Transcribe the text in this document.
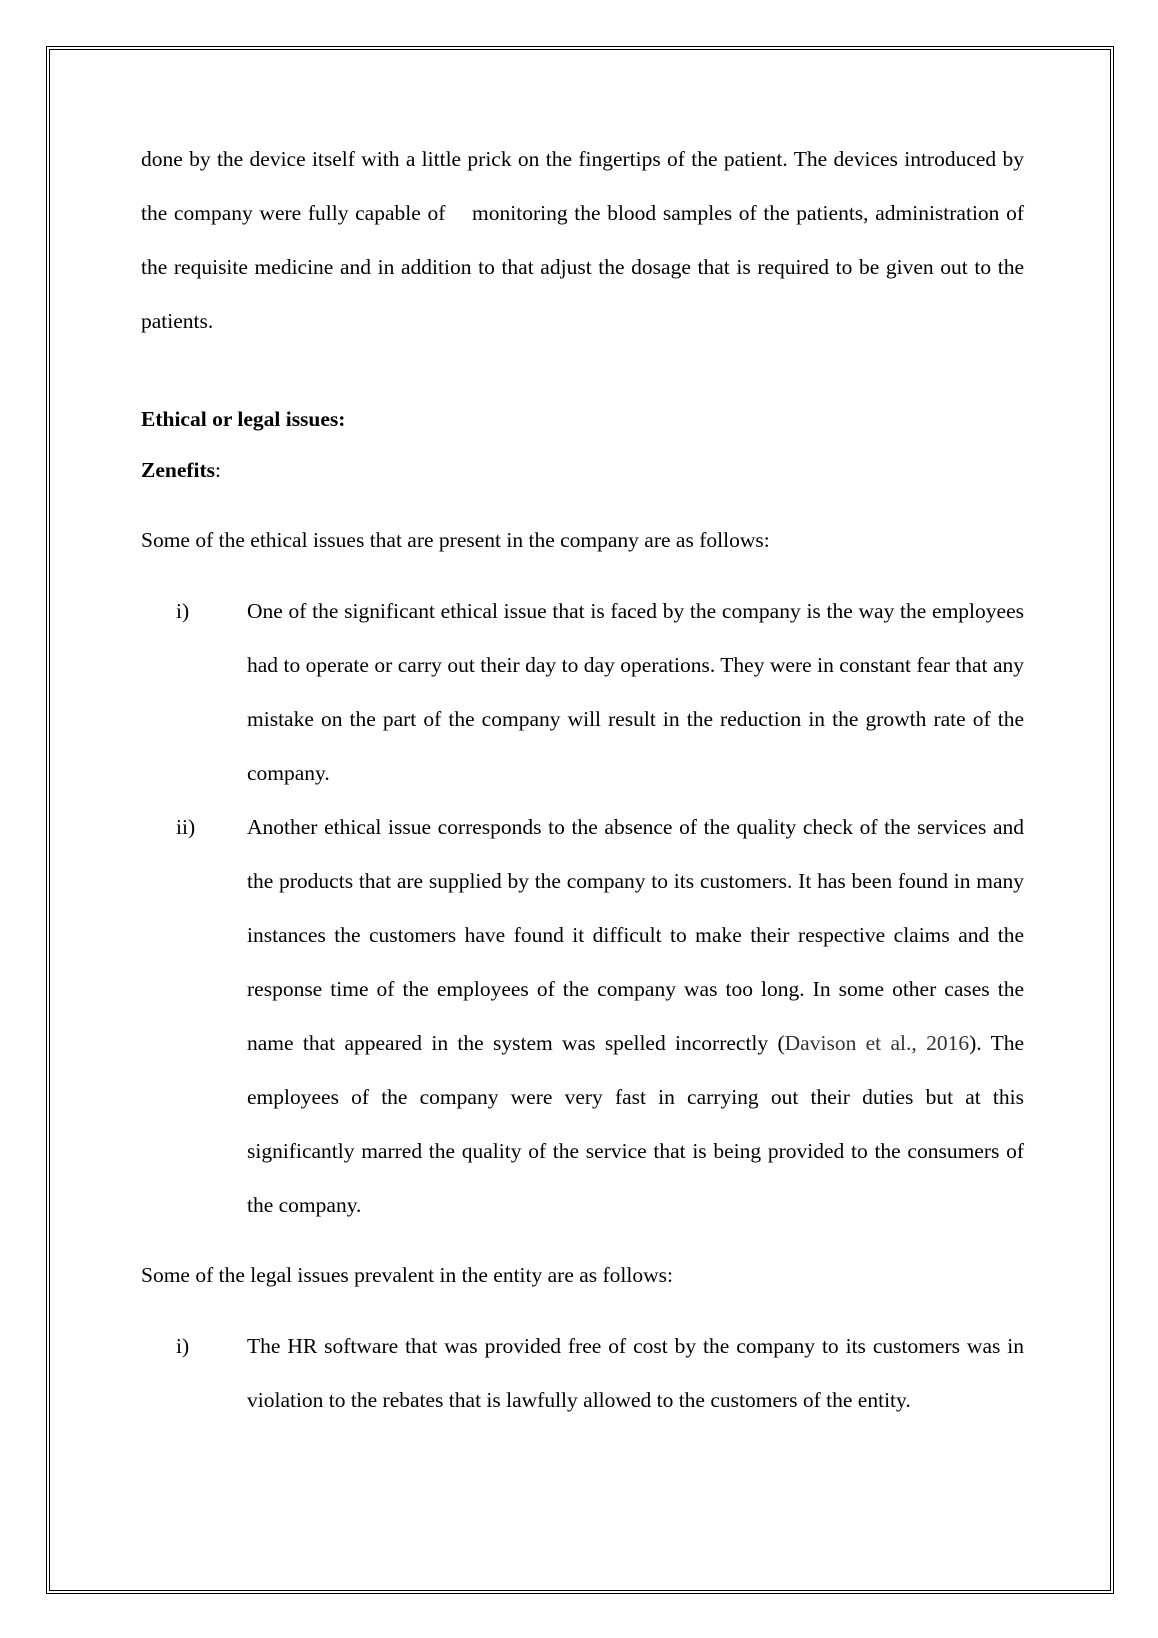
done by the device itself with a little prick on the fingertips of the patient. The devices introduced by the company were fully capable of    monitoring the blood samples of the patients, administration of the requisite medicine and in addition to that adjust the dosage that is required to be given out to the patients.

Ethical or legal issues:

Zenefits:

Some of the ethical issues that are present in the company are as follows:

i)	One of the significant ethical issue that is faced by the company is the way the employees had to operate or carry out their day to day operations. They were in constant fear that any mistake on the part of the company will result in the reduction in the growth rate of the company.

ii) Another ethical issue corresponds to the absence of the quality check of the services and the products that are supplied by the company to its customers. It has been found in many instances the customers have found it difficult to make their respective claims and the response time of the employees of the company was too long. In some other cases the name that appeared in the system was spelled incorrectly (Davison et al., 2016). The employees of the company were very fast in carrying out their duties but at this significantly marred the quality of the service that is being provided to the consumers of the company.

Some of the legal issues prevalent in the entity are as follows:

i)	The HR software that was provided free of cost by the company to its customers was in violation to the rebates that is lawfully allowed to the customers of the entity.
